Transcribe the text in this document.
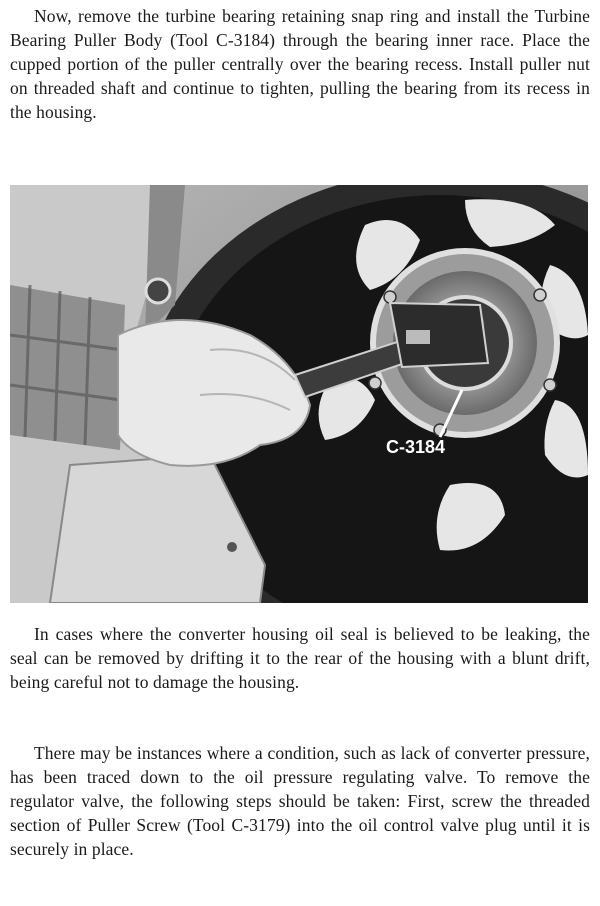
Now, remove the turbine bearing retaining snap ring and install the Turbine Bearing Puller Body (Tool C-3184) through the bearing inner race. Place the cupped portion of the puller centrally over the bearing recess. Install puller nut on threaded shaft and continue to tighten, pulling the bearing from its recess in the housing.

C-3184

In cases where the converter housing oil seal is believed to be leaking, the seal can be removed by drifting it to the rear of the housing with a blunt drift, being careful not to damage the housing.

There may be instances where a condition, such as lack of converter pressure, has been traced down to the oil pressure regulating valve. To remove the regulator valve, the following steps should be taken: First, screw the threaded section of Puller Screw (Tool C-3179) into the oil control valve plug until it is securely in place.
